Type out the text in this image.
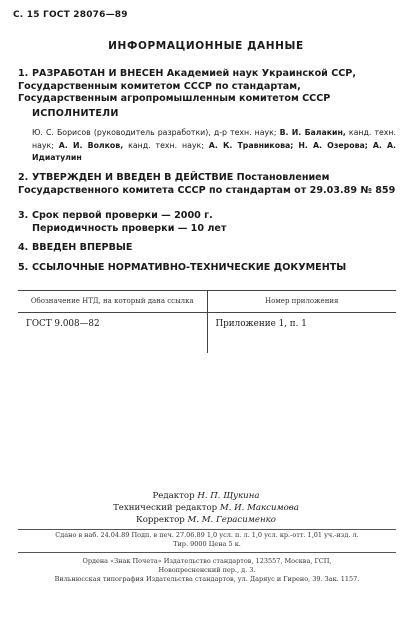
С. 15 ГОСТ 28076—89
ИНФОРМАЦИОННЫЕ ДАННЫЕ
1. РАЗРАБОТАН И ВНЕСЕН Академией наук Украинской ССР, Государственным комитетом СССР по стандартам, Государственным агропромышленным комитетом СССР
ИСПОЛНИТЕЛИ
Ю. С. Борисов (руководитель разработки), д-р техн. наук; В. И. Балакин, канд. техн. наук; А. И. Волков, канд. техн. наук; А. К. Травникова; Н. А. Озерова; А. А. Идиатулин
2. УТВЕРЖДЕН И ВВЕДЕН В ДЕЙСТВИЕ Постановлением Государственного комитета СССР по стандартам от 29.03.89 № 859
3. Срок первой проверки — 2000 г.
Периодичность проверки — 10 лет
4. ВВЕДЕН ВПЕРВЫЕ
5. ССЫЛОЧНЫЕ НОРМАТИВНО-ТЕХНИЧЕСКИЕ ДОКУМЕНТЫ
Обозначение НТД, на который дана ссылка	Номер приложения
ГОСТ 9.008—82	Приложение 1, п. 1
Редактор Н. П. Щукина
Технический редактор М. И. Максимова
Корректор М. М. Герасименко
Сдано в наб. 24.04.89 Подп. в печ. 27.06.89 1,0 усл. п. л. 1,0 усл. кр.-отт. 1,01 уч.-изд. л.
Тир. 9000 Цена 5 к.
Ордена «Знак Почета» Издательство стандартов, 123557, Москва, ГСП,
Новопресненский пер., д. 3.
Вильнюсская типография Издательства стандартов, ул. Даряус и Гирено, 39. Зак. 1157.
